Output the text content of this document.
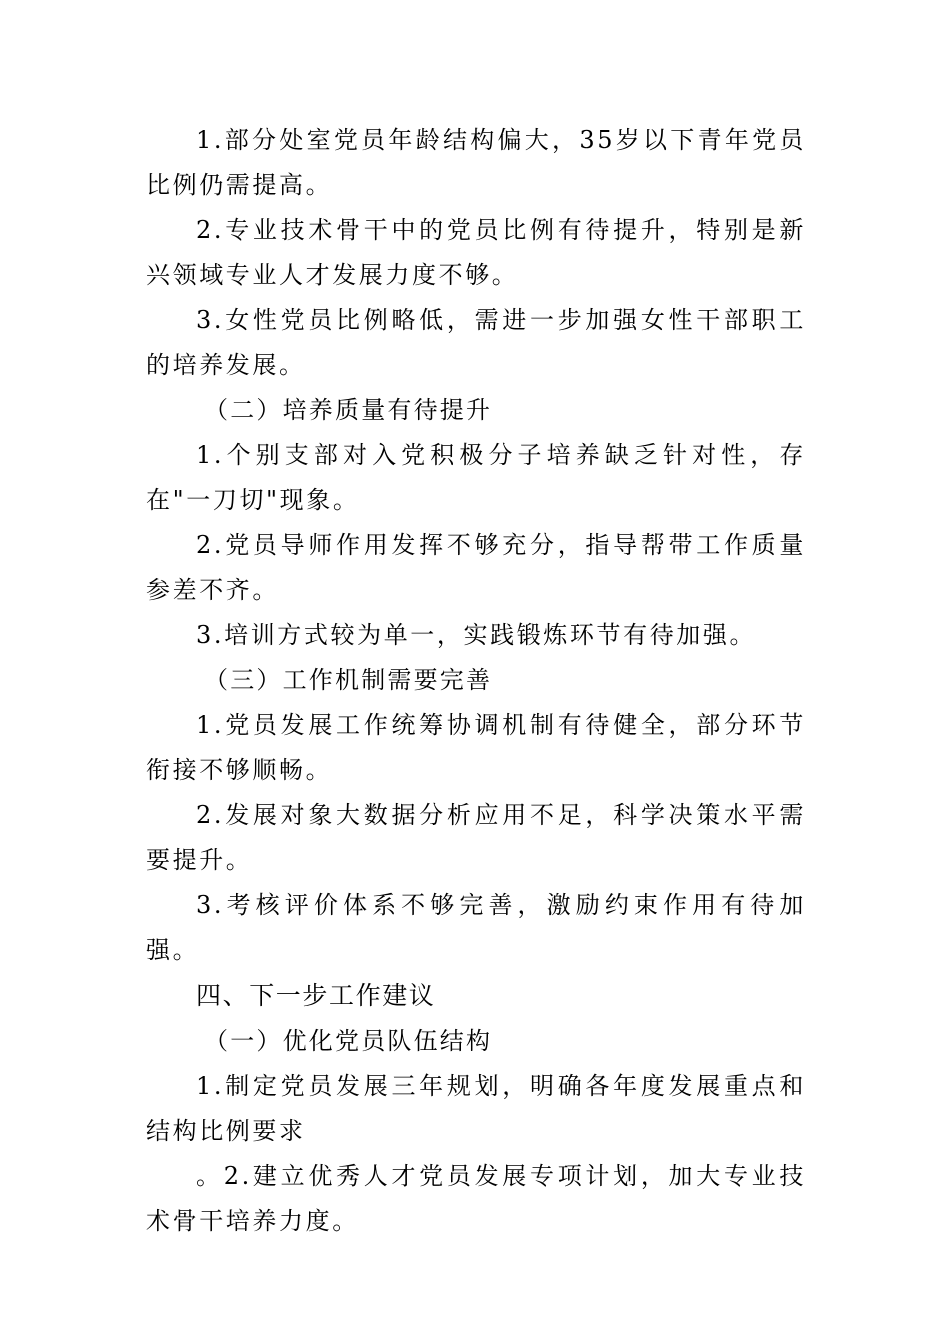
1.部分处室党员年龄结构偏大，35岁以下青年党员比例仍需提高。

2.专业技术骨干中的党员比例有待提升，特别是新兴领域专业人才发展力度不够。

3.女性党员比例略低，需进一步加强女性干部职工的培养发展。

（二）培养质量有待提升

1.个别支部对入党积极分子培养缺乏针对性，存在"一刀切"现象。

2.党员导师作用发挥不够充分，指导帮带工作质量参差不齐。

3.培训方式较为单一，实践锻炼环节有待加强。

（三）工作机制需要完善

1.党员发展工作统筹协调机制有待健全，部分环节衔接不够顺畅。

2.发展对象大数据分析应用不足，科学决策水平需要提升。

3.考核评价体系不够完善，激励约束作用有待加强。

四、下一步工作建议

（一）优化党员队伍结构

1.制定党员发展三年规划，明确各年度发展重点和结构比例要求

。2.建立优秀人才党员发展专项计划，加大专业技术骨干培养力度。
